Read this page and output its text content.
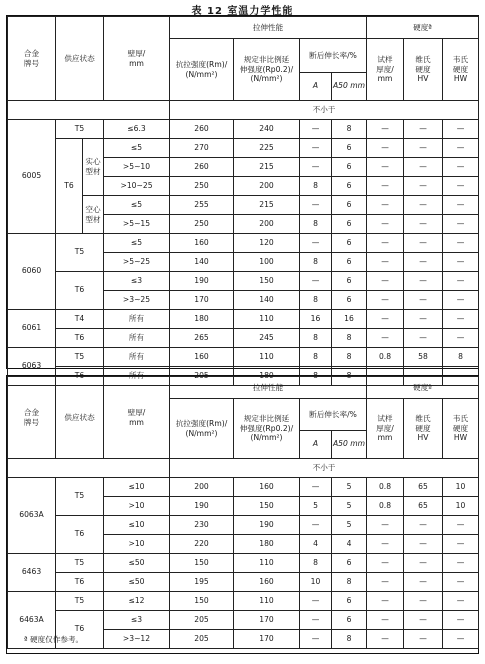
表 12 室温力学性能
合金
牌号	供应状态		壁厚/
mm	拉伸性能				硬度ª		
				抗拉强度(Rm)/
(N/mm²)	规定非比例延
伸强度(Rp0.2)/
(N/mm²)	断后伸长率/%		试样
厚度/
mm	维氏
硬度
HV	韦氏
硬度
HW
						A	A50 mm			
				不小于						
6005	T5		≤6.3	260	240	—	8	—	—	—
	T6	实心
型材	≤5	270	225	—	6	—	—	—
			>5~10	260	215	—	6	—	—	—
			>10~25	250	200	8	6	—	—	—
		空心
型材	≤5	255	215	—	6	—	—	—
			>5~15	250	200	8	6	—	—	—
6060	T5		≤5	160	120	—	6	—	—	—
			>5~25	140	100	8	6	—	—	—
	T6		≤3	190	150	—	6	—	—	—
			>3~25	170	140	8	6	—	—	—
6061	T4		所有	180	110	16	16	—	—	—
	T6		所有	265	245	8	8	—	—	—
6063	T5		所有	160	110	8	8	0.8	58	8
	T6		所有	205	180	8	8	—	—	—
合金
牌号	供应状态	壁厚/
mm	拉伸性能				硬度ª		
			抗拉强度(Rm)/
(N/mm²)	规定非比例延
伸强度(Rp0.2)/
(N/mm²)	断后伸长率/%		试样
厚度/
mm	维氏
硬度
HV	韦氏
硬度
HW
					A	A50 mm			
			不小于						
6063A	T5	≤10	200	160	—	5	0.8	65	10
		>10	190	150	5	5	0.8	65	10
	T6	≤10	230	190	—	5	—	—	—
		>10	220	180	4	4	—	—	—
6463	T5	≤50	150	110	8	6	—	—	—
	T6	≤50	195	160	10	8	—	—	—
6463A	T5	≤12	150	110	—	6	—	—	—
	T6	≤3	205	170	—	6	—	—	—
		>3~12	205	170	—	8	—	—	—
ª 硬度仅作参考。
